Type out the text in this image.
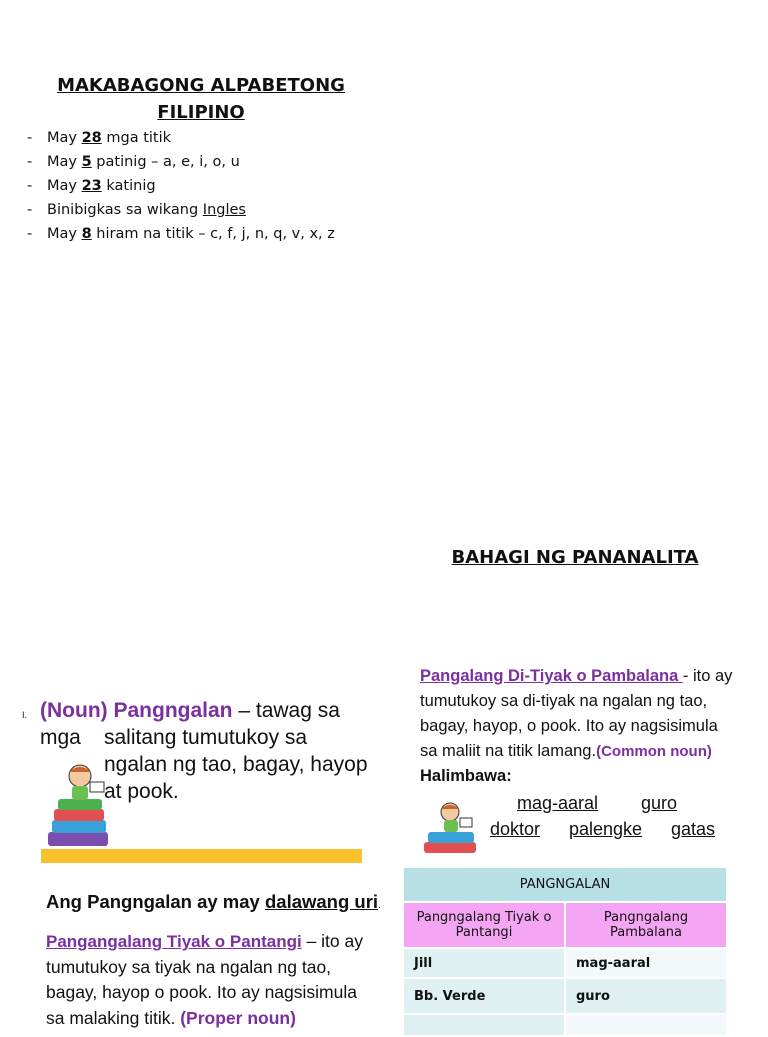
MAKABAGONG ALPABETONG
FILIPINO
-	May 28 mga titik
-	May 5 patinig – a, e, i, o, u
-	May 23 katinig
-	Binibigkas sa wikang Ingles
-	May 8 hiram na titik – c, f, j, n, q, v, x, z
BAHAGI NG PANANALITA
I. (Noun) Pangngalan – tawag sa mga	salitang tumutukoy sa
ngalan ng tao, bagay, hayop
at pook.
Ang Pangngalan ay may dalawang uri.
Pangangalang Tiyak o Pantangi – ito ay
tumutukoy sa tiyak na ngalan ng tao,
bagay, hayop o pook. Ito ay nagsisimula
sa malaking titik. (Proper noun)
Pangalang Di-Tiyak o Pambalana - ito ay
tumutukoy sa di-tiyak na ngalan ng tao,
bagay, hayop, o pook. Ito ay nagsisimula
sa maliit na titik lamang.(Common noun)
Halimbawa:
mag-aaral guro
doktor palengke gatas
PANGNGALAN	
Pangngalang Tiyak o Pantangi	Pangngalang Pambalana
Jill	mag-aaral
Bb. Verde	guro
